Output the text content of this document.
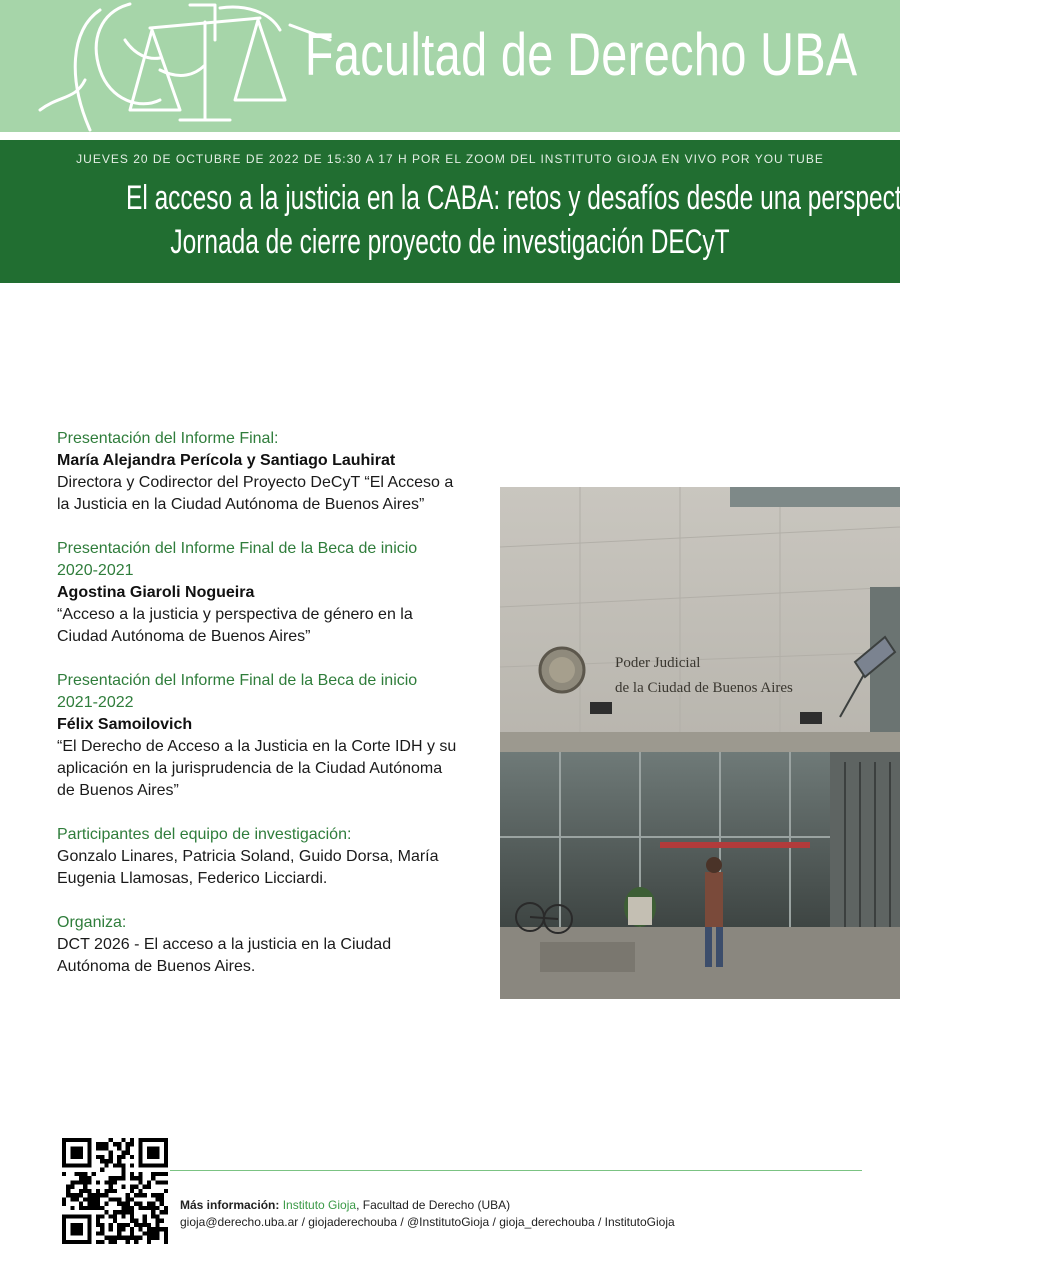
Facultad de Derecho UBA
JUEVES 20 DE OCTUBRE DE 2022 DE 15:30 A 17 H POR EL ZOOM DEL INSTITUTO GIOJA EN VIVO POR YOU TUBE
El acceso a la justicia en la CABA: retos y desafíos desde una perspectiva inclusiva.
Jornada de cierre proyecto de investigación DECyT
Presentación del Informe Final:
María Alejandra Perícola y Santiago Lauhirat
Directora y Codirector del Proyecto DeCyT “El Acceso a la Justicia en la Ciudad Autónoma de Buenos Aires”
Presentación del Informe Final de la Beca de inicio 2020-2021
Agostina Giaroli Nogueira
“Acceso a la justicia y perspectiva de género en la Ciudad Autónoma de Buenos Aires”
Presentación del Informe Final de la Beca de inicio 2021-2022
Félix Samoilovich
“El Derecho de Acceso a la Justicia en la Corte IDH y su aplicación en la jurisprudencia de la Ciudad Autónoma de Buenos Aires”
Participantes del equipo de investigación:
Gonzalo Linares, Patricia Soland, Guido Dorsa, María Eugenia Llamosas, Federico Licciardi.
Organiza:
DCT 2026 - El acceso a la justicia en la Ciudad Autónoma de Buenos Aires.
Poder Judicial
de la Ciudad de Buenos Aires
Más información: Instituto Gioja, Facultad de Derecho (UBA)
gioja@derecho.uba.ar / giojaderechouba / @InstitutoGioja / gioja_derechouba / InstitutoGioja
